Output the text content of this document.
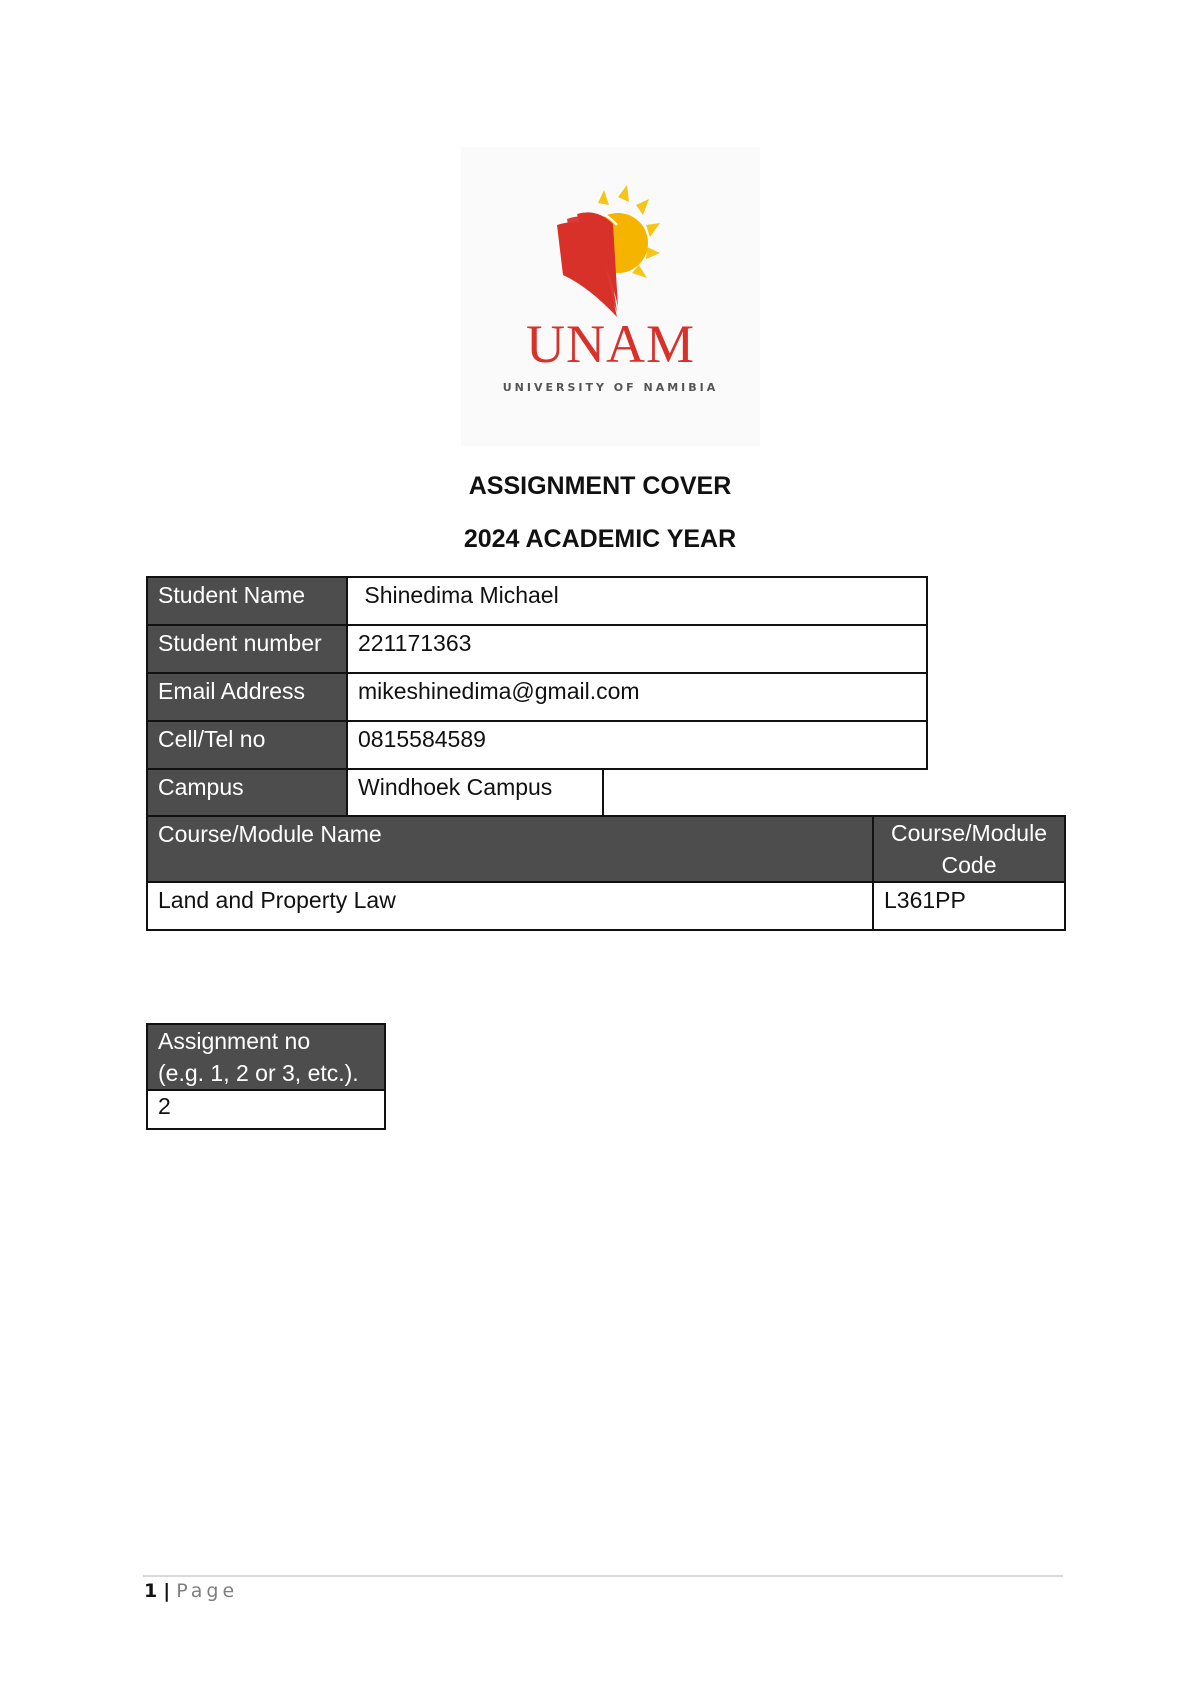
UNAM
UNIVERSITY OF NAMIBIA
ASSIGNMENT COVER
2024 ACADEMIC YEAR
Student Name	Shinedima Michael	
Student number	221171363	
Email Address	mikeshinedima@gmail.com	
Cell/Tel no	0815584589	
Campus	Windhoek Campus	
Course/Module Name	Course/Module
Code

Land and Property Law	L361PP
Assignment no
(e.g. 1, 2 or 3, etc.).

2
1 | Page
